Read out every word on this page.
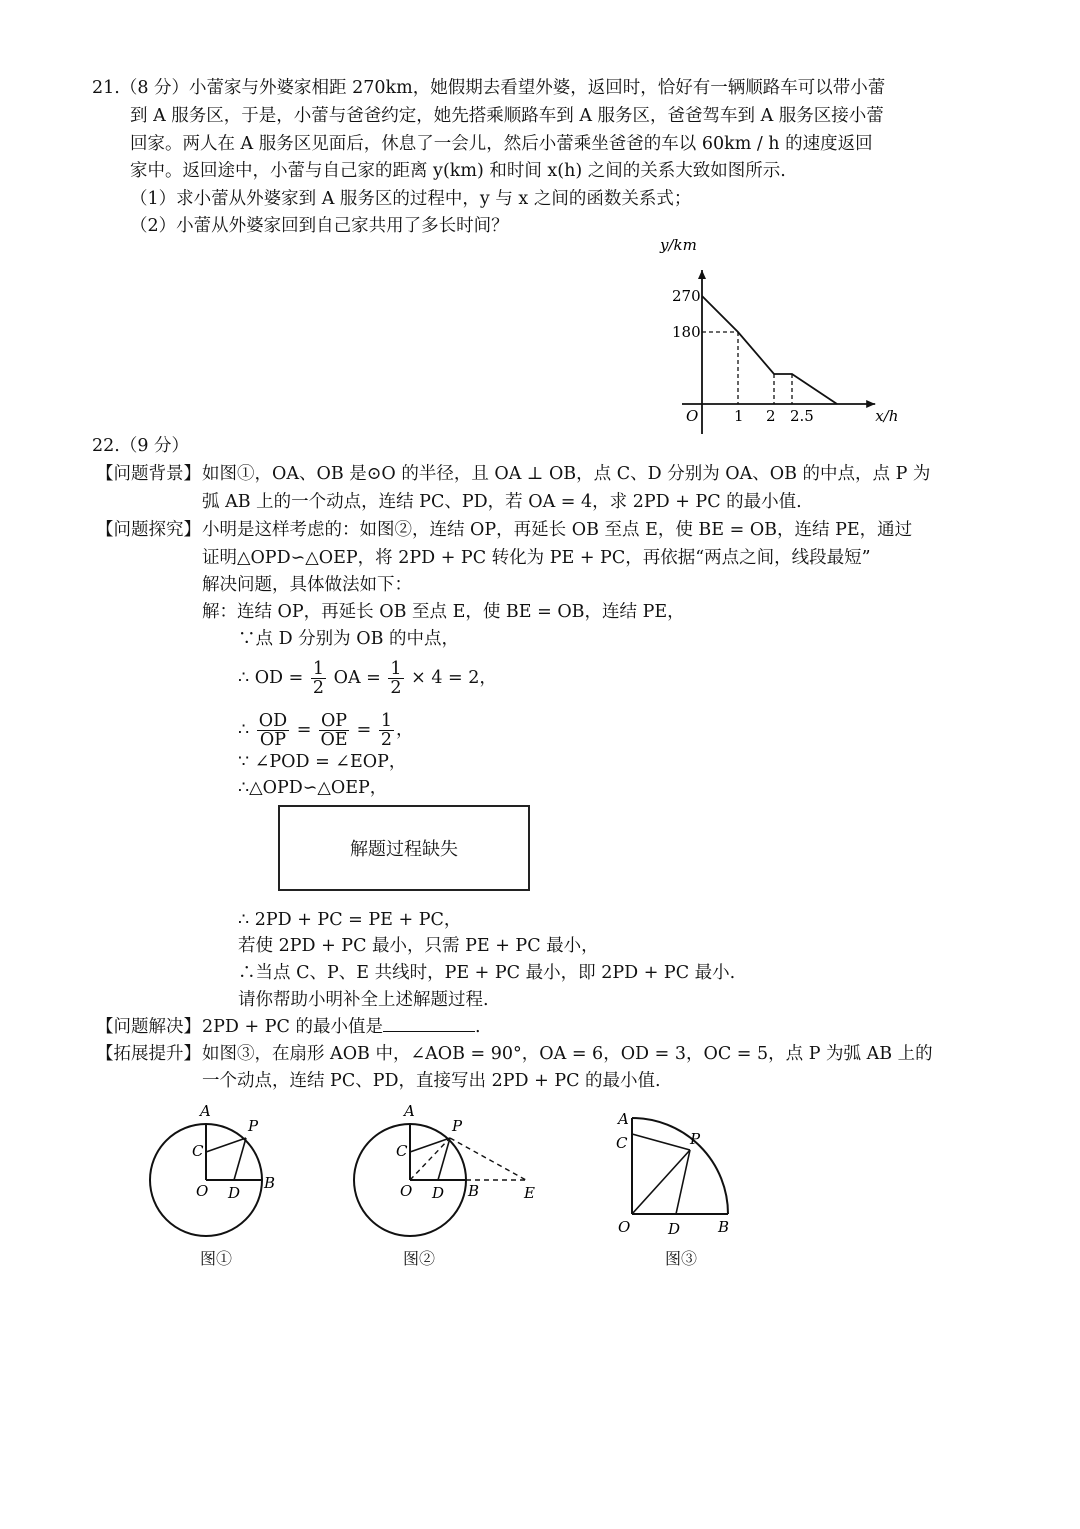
21.（8 分）小蕾家与外婆家相距 270km，她假期去看望外婆，返回时，恰好有一辆顺路车可以带小蕾
到 A 服务区，于是，小蕾与爸爸约定，她先搭乘顺路车到 A 服务区，爸爸驾车到 A 服务区接小蕾
回家。两人在 A 服务区见面后，休息了一会儿，然后小蕾乘坐爸爸的车以 60km / h 的速度返回
家中。返回途中，小蕾与自己家的距离 y(km) 和时间 x(h) 之间的关系大致如图所示.
（1）求小蕾从外婆家到 A 服务区的过程中，y 与 x 之间的函数关系式；
（2）小蕾从外婆家回到自己家共用了多长时间？
270
180
1 2 2.5
O
y/km
x/h
22.（9 分）
【问题背景】 如图①，OA、OB 是⊙O 的半径，且 OA ⊥ OB，点 C、D 分别为 OA、OB 的中点，点 P 为
弧 AB 上的一个动点，连结 PC、PD，若 OA = 4，求 2PD + PC 的最小值.
【问题探究】 小明是这样考虑的：如图②，连结 OP，再延长 OB 至点 E，使 BE = OB，连结 PE，通过
证明△OPD∽△OEP，将 2PD + PC 转化为 PE + PC，再依据“两点之间，线段最短”
解决问题，具体做法如下：
解：连结 OP，再延长 OB 至点 E，使 BE = OB，连结 PE，
∵点 D 分别为 OB 的中点，
∴ OD = $\frac{1}{2}$ OA = $\frac{1}{2} \times 4 = 2$，
∴ $\frac{OD}{OP} = \frac{OP}{OE} = \frac{1}{2}$ ，
∵ ∠POD = ∠EOP，
∴△OPD∽△OEP，
解题过程缺失
∴ 2PD + PC = PE + PC，
若使 2PD + PC 最小，只需 PE + PC 最小，
∴当点 C、P、E 共线时，PE + PC 最小，即 2PD + PC 最小.
请你帮助小明补全上述解题过程.
【问题解决】 2PD + PC 的最小值是	.
【拓展提升】 如图③，在扇形 AOB 中，∠AOB = 90°，OA = 6，OD = 3，OC = 5，点 P 为弧 AB 上的
一个动点，连结 PC、PD，直接写出 2PD + PC 的最小值.
A
P
C
O D
B
图①
A
P
C
O D B	E
图②
A
C	P
O	D	B
图③
